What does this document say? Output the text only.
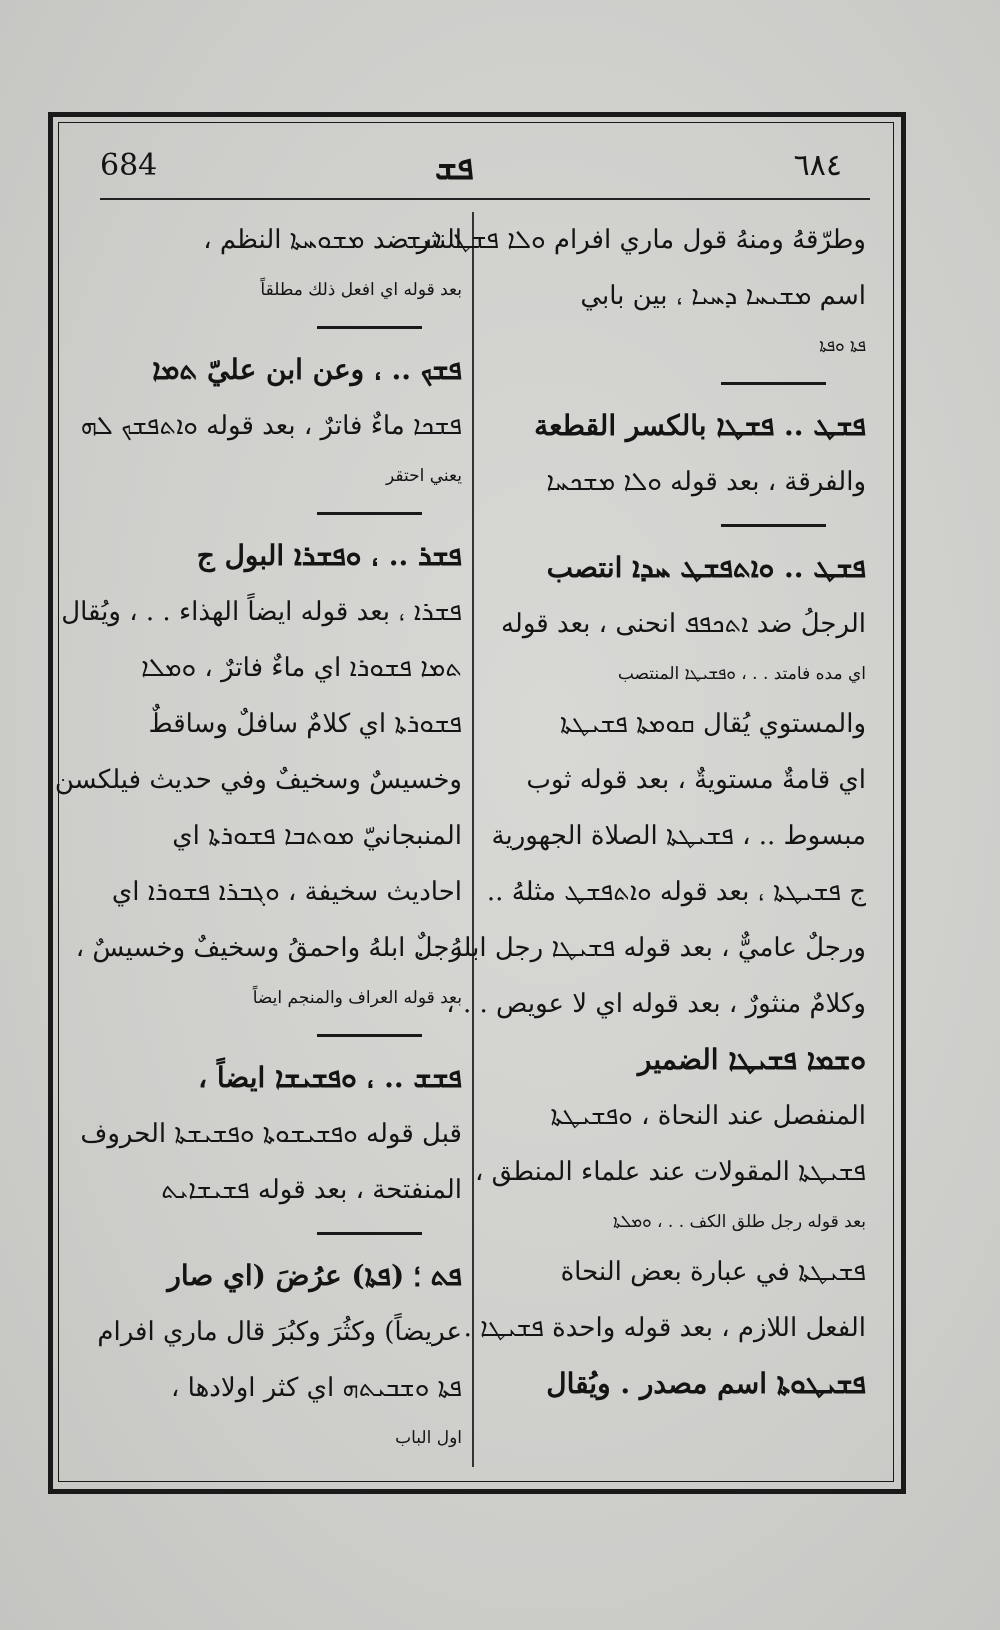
684	ܦܫ	٦٨٤
وطرّقهُ ومنهُ قول ماري افرام ܘܠܐ ܦܫܛ ܐܢܫ
اسم ܡܫܝܚܐ ܕܚܝܐ ، بين بابي
ܦܬܐ ܘܦܬܐ
ܦܫܛ .. ܦܫܛܐ بالكسر القطعة
والفرقة ، بعد قوله ܘܠܐ ܡܫܟܚܐ
ܦܫܛ .. ܘܐܬܦܫܛ ܚܕܐ انتصب
الرجلُ ضد ܐܬܟܦܦ انحنى ، بعد قوله
اي مده فامتد . . ، ܘܦܫܝܛܐ المنتصب
والمستوي يُقال ܩܘܡܬܐ ܦܫܝܛܬܐ
اي قامةٌ مستويةٌ ، بعد قوله ثوب
مبسوط .. ، ܦܫܝܛܬܐ الصلاة الجهورية
ج ܦܫܝܛܬܐ ، بعد قوله ܘܐܬܦܫܛ مثلهُ ..
ورجلٌ عاميٌّ ، بعد قوله ܦܫܝܛܐ رجل ابلهُ . .
وكلامٌ منثورٌ ، بعد قوله اي لا عويص . . ،
ܘܫܡܐ ܦܫܝܛܐ الضمير
المنفصل عند النحاة ، ܘܦܫܝܛܬܐ
ܦܫܝܛܬܐ المقولات عند علماء المنطق ،
بعد قوله رجل طلق الكف . . ، ܘܡܠܬܐ
ܦܫܝܛܬܐ في عبارة بعض النحاة
الفعل اللازم ، بعد قوله واحدة ܦܫܝܛܐ . .
ܦܫܝܛܘܬܐ اسم مصدر . ويُقال
النثر ضد ܡܫܘܚܬܐ النظم ،
بعد قوله اي افعل ذلك مطلقاً
ܦܫܟ .. ، وعن ابن عليّ ܬܡܐ
ܦܫܟܐ ماءٌ فاترٌ ، بعد قوله ܘܐܬܦܫܟ ܠܗ
يعني احتقر
ܦܫܪ .. ، ܘܦܫܪܐ البول ج
ܦܫܪܐ ، بعد قوله ايضاً الهذاء . . ، ويُقال
ܬܡܐ ܦܫܘܪܐ اي ماءٌ فاترٌ ، ܘܡܠܐ
ܦܫܘܪܬܐ اي كلامٌ سافلٌ وساقطٌ
وخسيسٌ وسخيفٌ وفي حديث فيلكسن
المنبجانيّ ܡܘܬܒܐ ܦܫܘܪܬܐ اي
احاديث سخيفة ، ܘܓܒܪܐ ܦܫܘܪܐ اي
رجلٌ ابلهُ واحمقُ وسخيفٌ وخسيسٌ ،
بعد قوله العراف والمنجم ايضاً
ܦܫܫ .. ، ܘܦܫܝܫܐ ايضاً ،
قبل قوله ܘܦܫܝܫܘܬܐ ܘܦܫܝܫܬܐ الحروف
المنفتحة ، بعد قوله ܦܫܝܫܐܝܬ
ܦܬ ؛ (ܦܬܐ) عرُضَ (اي صار
عريضاً) وكثُرَ وكبُرَ قال ماري افرام
ܦܬܐ ܘܫܒܝܬܗ اي كثر اولادها ،
اول الباب
